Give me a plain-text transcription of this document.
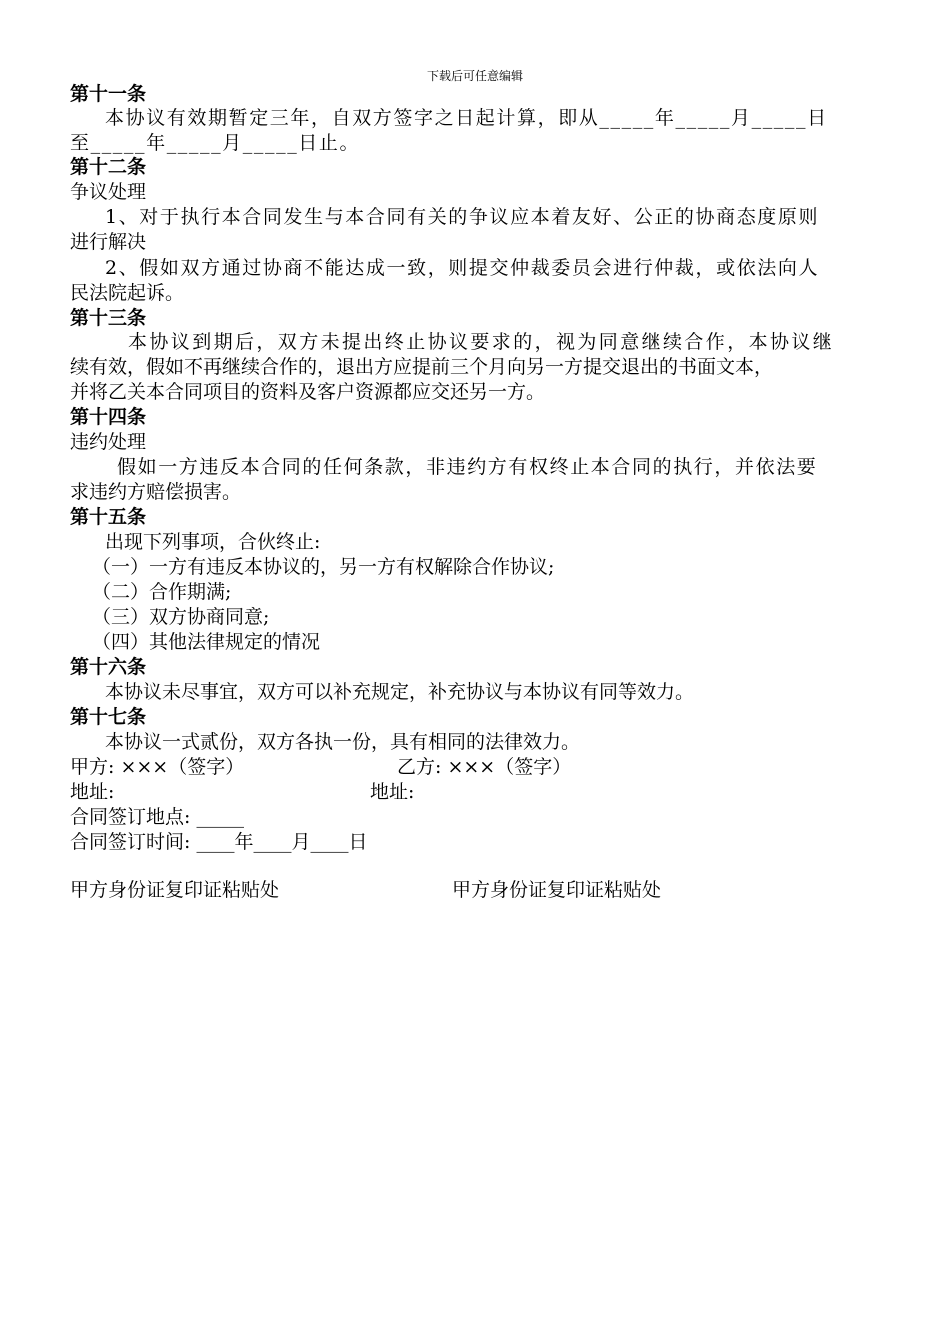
下载后可任意编辑
第十一条
本协议有效期暂定三年，自双方签字之日起计算，即从_____年_____月_____日
至_____年_____月_____日止。
第十二条
争议处理
1、对于执行本合同发生与本合同有关的争议应本着友好、公正的协商态度原则
进行解决
2、假如双方通过协商不能达成一致，则提交仲裁委员会进行仲裁，或依法向人
民法院起诉。
第十三条
本协议到期后，双方未提出终止协议要求的，视为同意继续合作，本协议继
续有效，假如不再继续合作的，退出方应提前三个月向另一方提交退出的书面文本，
并将乙关本合同项目的资料及客户资源都应交还另一方。
第十四条
违约处理
假如一方违反本合同的任何条款，非违约方有权终止本合同的执行，并依法要
求违约方赔偿损害。
第十五条
出现下列事项，合伙终止:
（一）一方有违反本协议的，另一方有权解除合作协议;
（二）合作期满;
（三）双方协商同意;
（四）其他法律规定的情况
第十六条
本协议未尽事宜，双方可以补充规定，补充协议与本协议有同等效力。
第十七条
本协议一式贰份，双方各执一份，具有相同的法律效力。
甲方: ×××（签字）	乙方: ×××（签字）
地址:	地址:
合同签订地点: _____
合同签订时间: ____年____月____日
甲方身份证复印证粘贴处	甲方身份证复印证粘贴处
